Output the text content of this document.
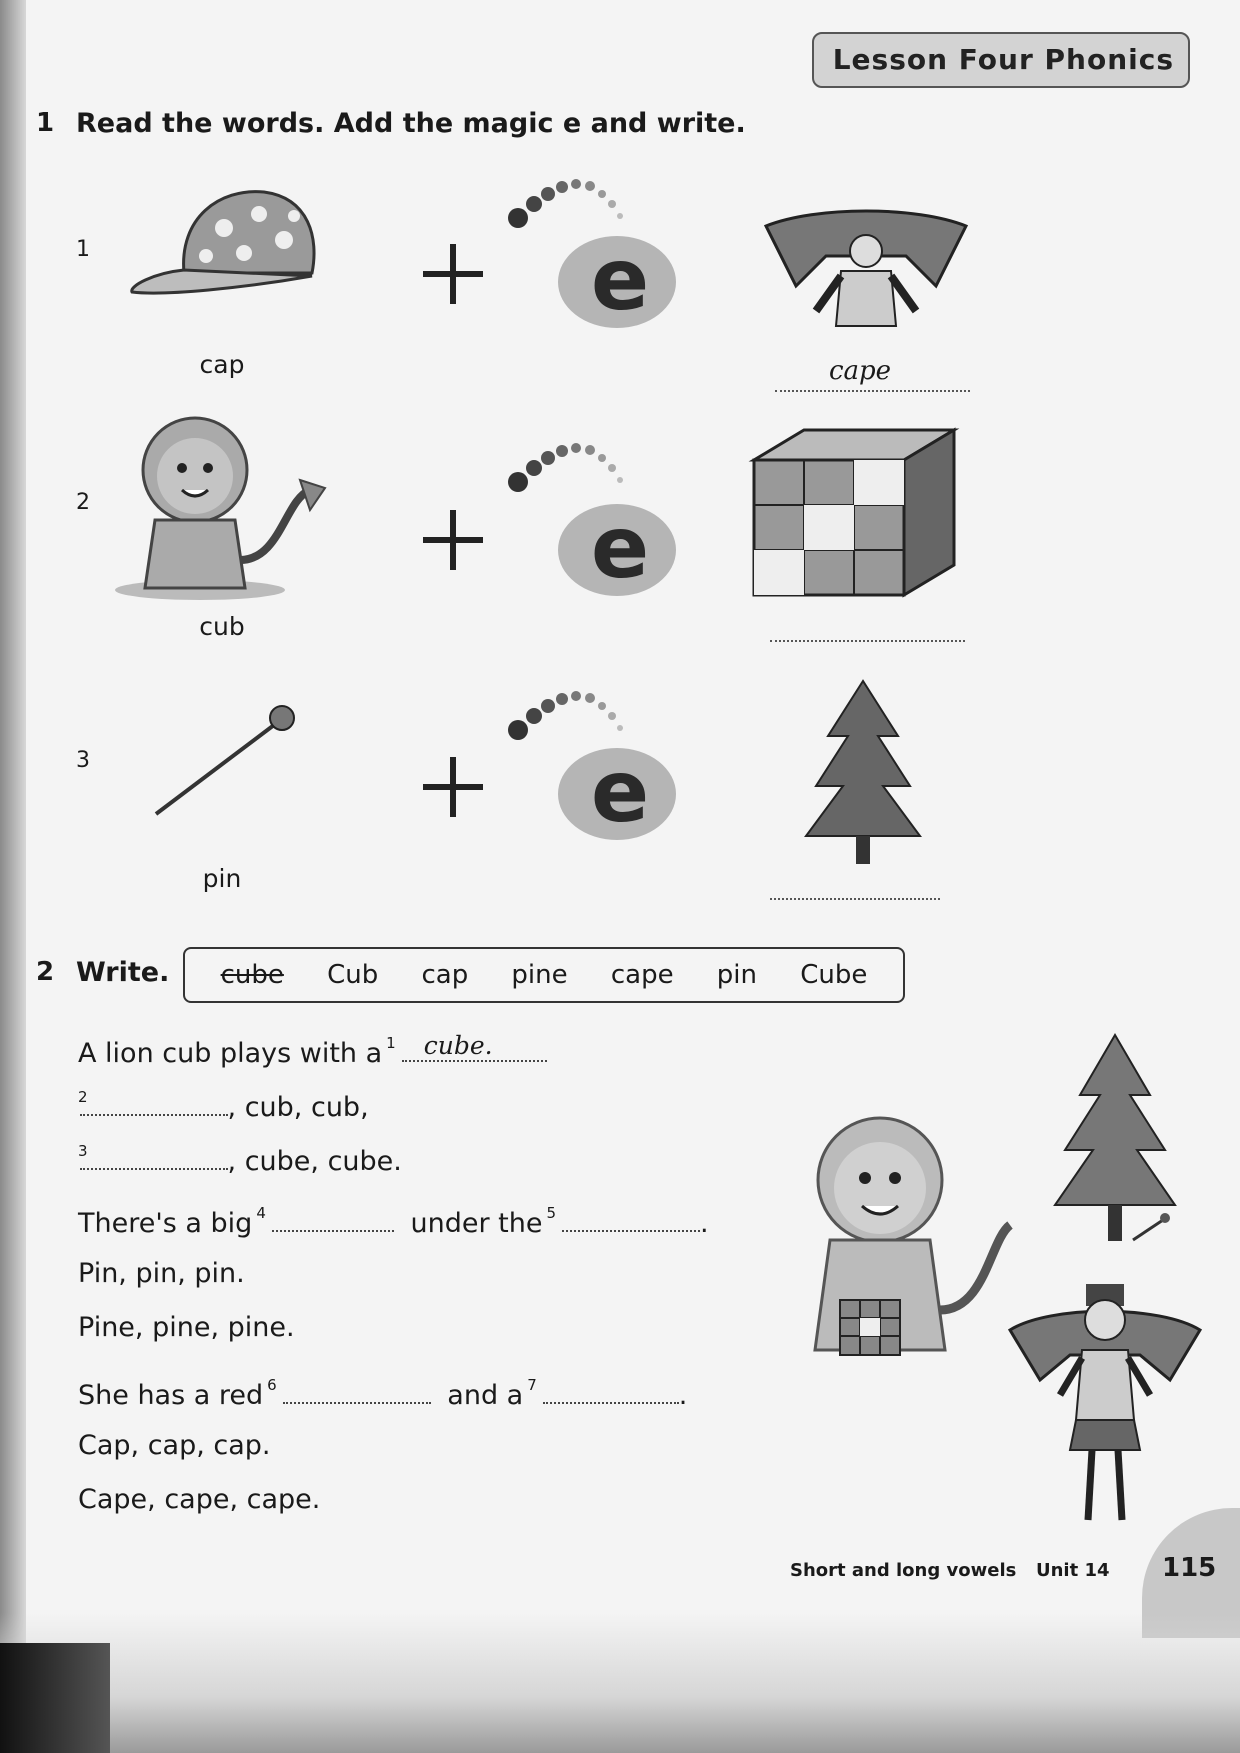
Lesson Four Phonics
1 Read the words. Add the magic e and write.
1
cap
e
cape
2
cub
e
3
pin
e
2 Write. cube Cub cap pine cape pin Cube
A lion cub plays with a $^1$ cube.
$^2$	, cub, cub,
$^3$	, cube, cube.
There's a big $^4$	under the $^5$	.
Pin, pin, pin.
Pine, pine, pine.
She has a red $^6$	and a $^7$	.
Cap, cap, cap.
Cape, cape, cape.
Short and long vowels Unit 14 115
